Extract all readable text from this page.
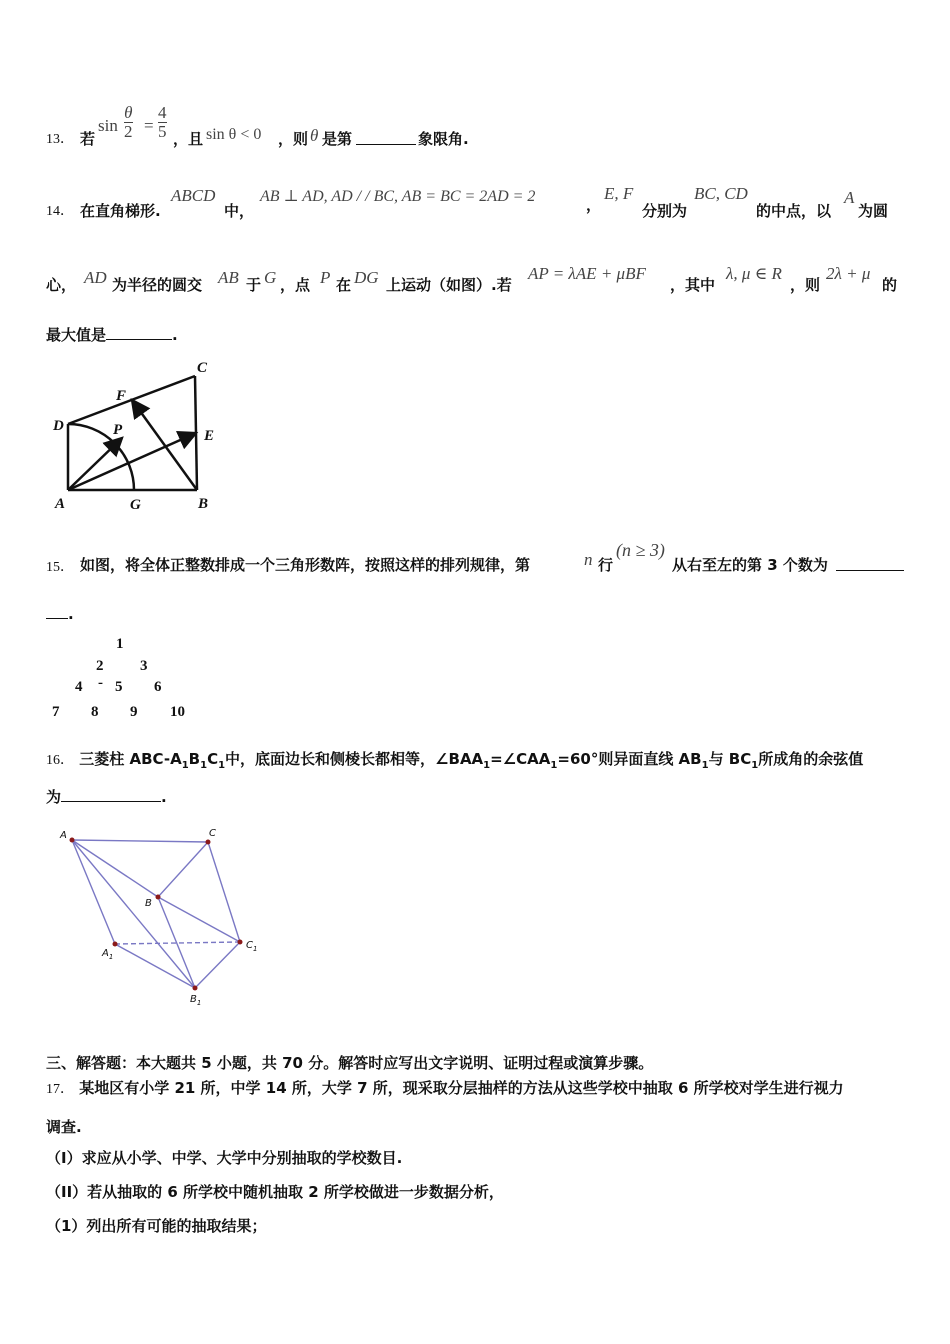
13． 若
$\sin \frac{\theta}{2} = \frac{4}{5}$ ，且 sin θ < 0 ，则 θ 是第	象限角.
14． 在直角梯形.
ABCD
中，
AB ⊥ AD, AD / / BC, AB = BC = 2AD = 2	，
E, F
分别为
BC, CD
的中点，以
A
为圆
心， AD 为半径的圆交 AB 于 G ，点 P 在 DG 上运动（如图）.若
AP = λAE + μBF
，其中
λ, μ ∈ R
，则
2λ + μ
的
最大值是	.
C
F
D	P	E
A	G	B
15． 如图，将全体正整数排成一个三角形数阵，按照这样的排列规律，第	n 行
(n ≥ 3)
从右至左的第 3 个数为
.
1
2 3
4 - 5 6
7 8 9 10
16． 三菱柱 ABC-$A_1B_1C_1$中，底面边长和侧棱长都相等，$\angle BAA_1=\angle CAA_1=60^\circ$则异面直线 $AB_1$与 $BC_1$所成角的余弦值
为	.
A	C
B
$A_1$
$C_1$
$B_1$
三、解答题：本大题共 5 小题，共 70 分。解答时应写出文字说明、证明过程或演算步骤。
17． 某地区有小学 21 所，中学 14 所，大学 7 所，现采取分层抽样的方法从这些学校中抽取 6 所学校对学生进行视力
调查.
（I）求应从小学、中学、大学中分别抽取的学校数目.
（II）若从抽取的 6 所学校中随机抽取 2 所学校做进一步数据分析，
（1）列出所有可能的抽取结果；
